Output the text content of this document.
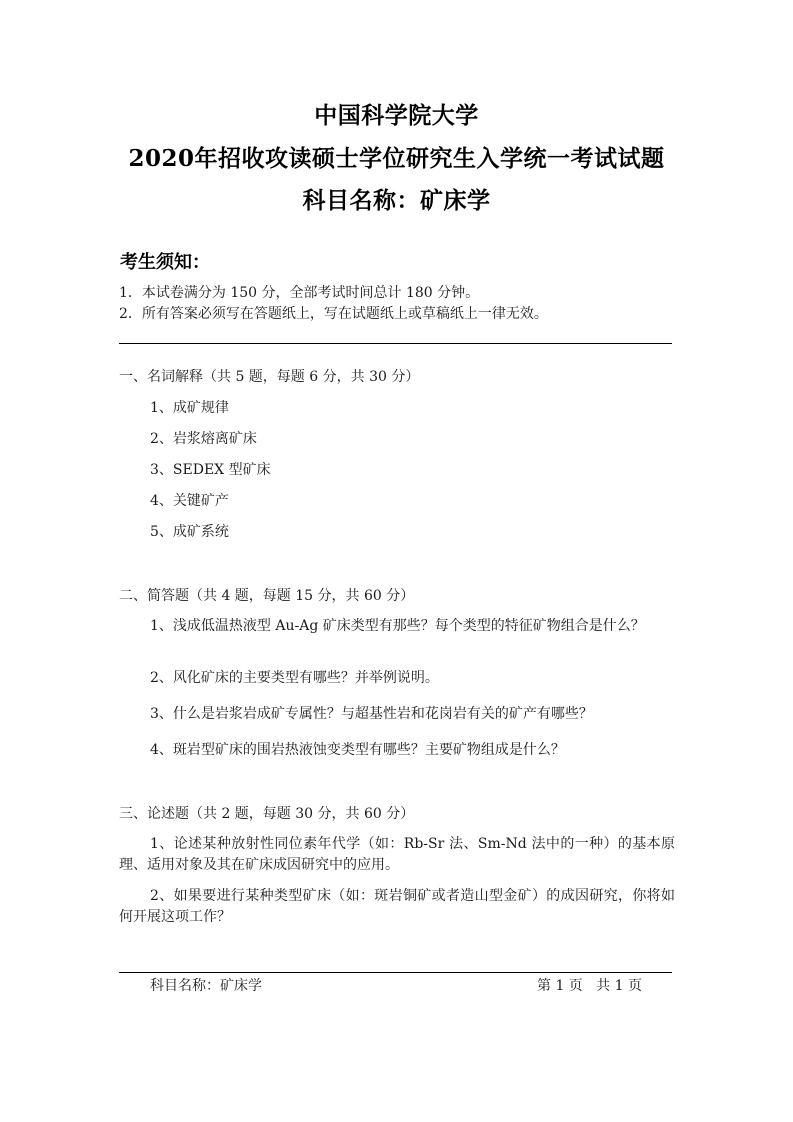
中国科学院大学
2020年招收攻读硕士学位研究生入学统一考试试题
科目名称：矿床学
考生须知：
1．本试卷满分为 150 分，全部考试时间总计 180 分钟。
2．所有答案必须写在答题纸上，写在试题纸上或草稿纸上一律无效。
一、名词解释（共 5 题，每题 6 分，共 30 分）
1、成矿规律
2、岩浆熔离矿床
3、SEDEX 型矿床
4、关键矿产
5、成矿系统
二、简答题（共 4 题，每题 15 分，共 60 分）
1、浅成低温热液型 Au-Ag 矿床类型有那些？每个类型的特征矿物组合是什么？
2、风化矿床的主要类型有哪些？并举例说明。
3、什么是岩浆岩成矿专属性？与超基性岩和花岗岩有关的矿产有哪些？
4、斑岩型矿床的围岩热液蚀变类型有哪些？主要矿物组成是什么？
三、论述题（共 2 题，每题 30 分，共 60 分）
1、论述某种放射性同位素年代学（如：Rb-Sr 法、Sm-Nd 法中的一种）的基本原理、适用对象及其在矿床成因研究中的应用。
2、如果要进行某种类型矿床（如：斑岩铜矿或者造山型金矿）的成因研究，你将如何开展这项工作？
科目名称：矿床学	第 1 页   共 1 页
